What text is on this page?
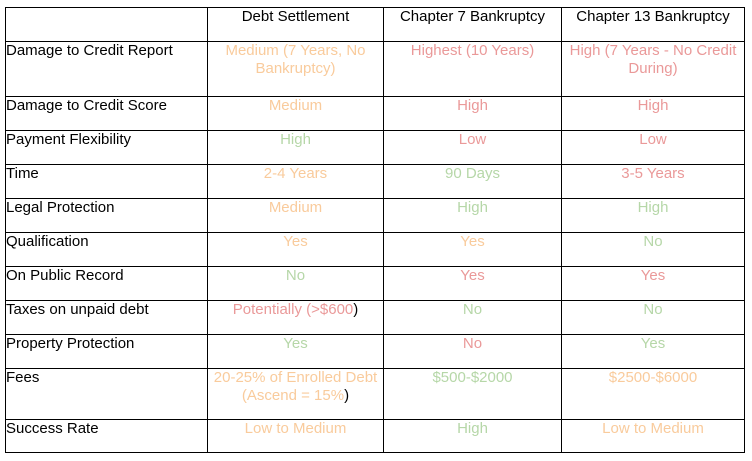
	Debt Settlement	Chapter 7 Bankruptcy	Chapter 13 Bankruptcy
Damage to Credit Report	Medium (7 Years, No Bankruptcy)	Highest (10 Years)	High (7 Years - No Credit During)
Damage to Credit Score	Medium	High	High
Payment Flexibility	High	Low	Low
Time	2-4 Years	90 Days	3-5 Years
Legal Protection	Medium	High	High
Qualification	Yes	Yes	No
On Public Record	No	Yes	Yes
Taxes on unpaid debt	Potentially (>$600)	No	No
Property Protection	Yes	No	Yes
Fees	20-25% of Enrolled Debt (Ascend = 15%)	$500-$2000	$2500-$6000
Success Rate	Low to Medium	High	Low to Medium
